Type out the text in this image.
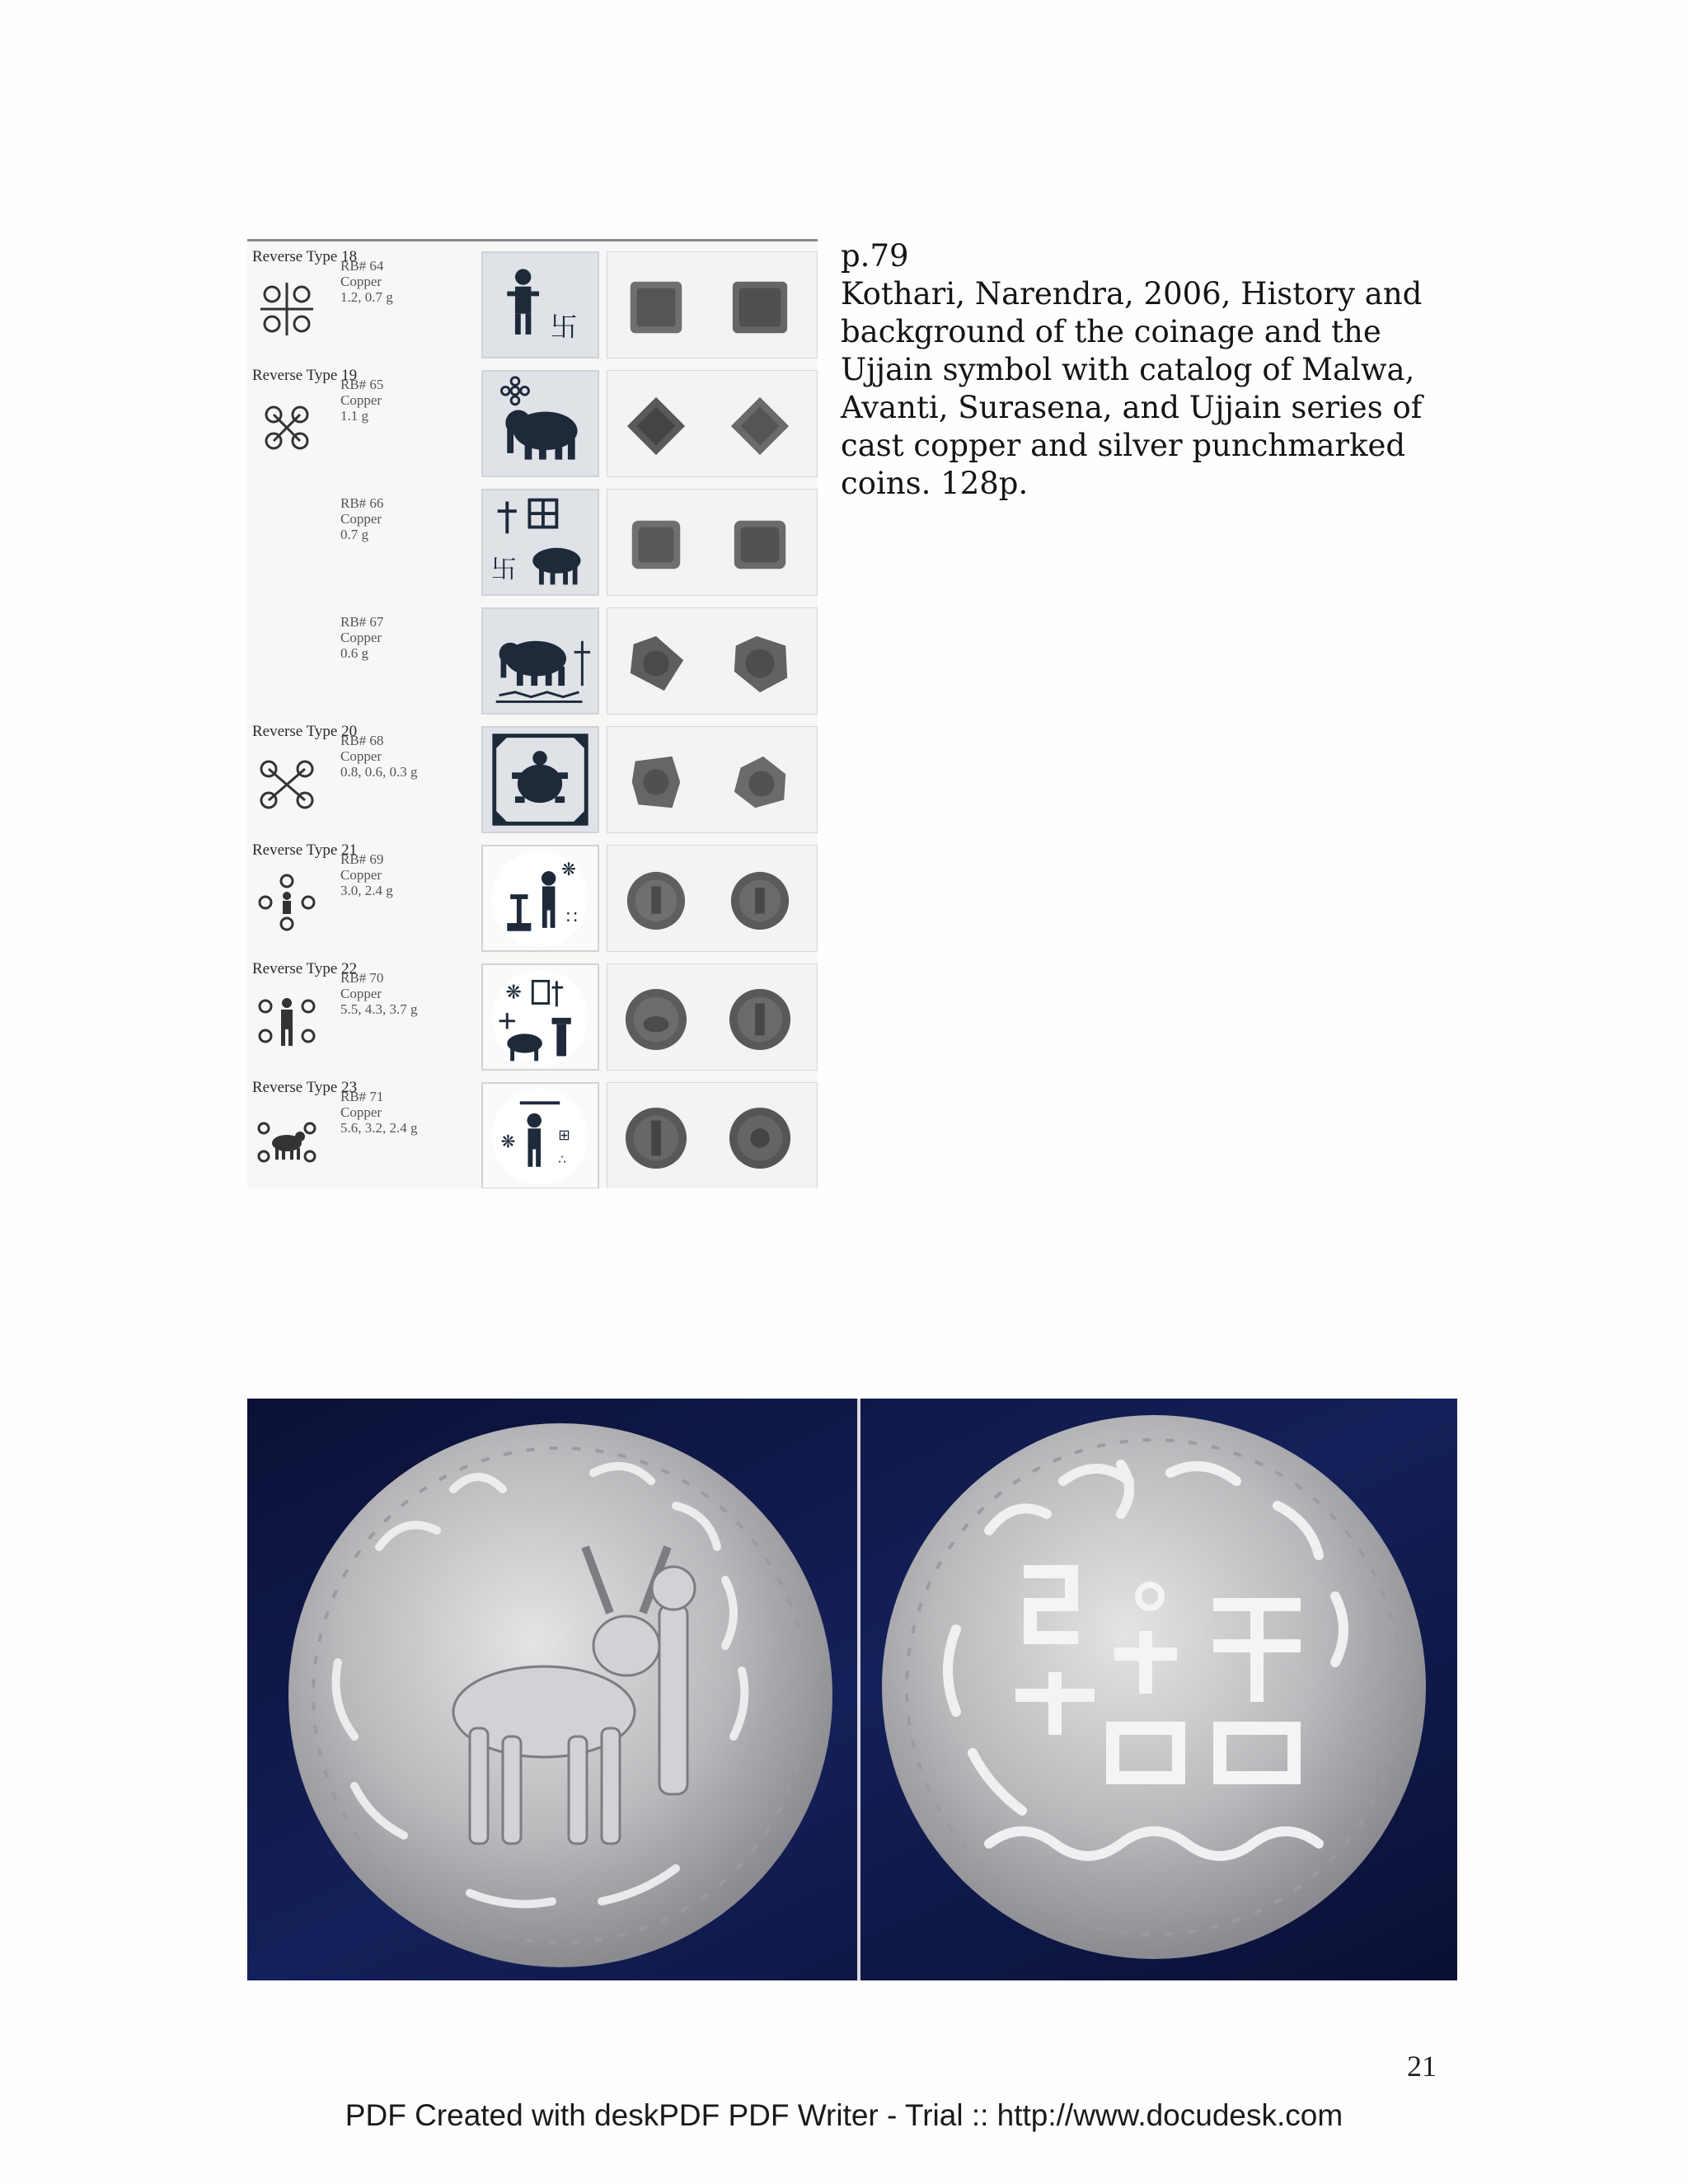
Reverse Type 18
RB# 64
Copper
1.2, 0.7 g
卐
Reverse Type 19
RB# 65
Copper
1.1 g
RB# 66
Copper
0.7 g
卐
RB# 67
Copper
0.6 g
Reverse Type 20
RB# 68
Copper
0.8, 0.6, 0.3 g
Reverse Type 21
RB# 69
Copper
3.0, 2.4 g
❋
∷
Reverse Type 22
RB# 70
Copper
5.5, 4.3, 3.7 g
❋
Reverse Type 23
RB# 71
Copper
5.6, 3.2, 2.4 g
❋	⊞
∴
p.79
Kothari, Narendra, 2006, History and background of the coinage and the Ujjain symbol with catalog of Malwa, Avanti, Surasena, and Ujjain series of cast copper and silver punchmarked coins. 128p.
21
PDF Created with deskPDF PDF Writer - Trial :: http://www.docudesk.com
